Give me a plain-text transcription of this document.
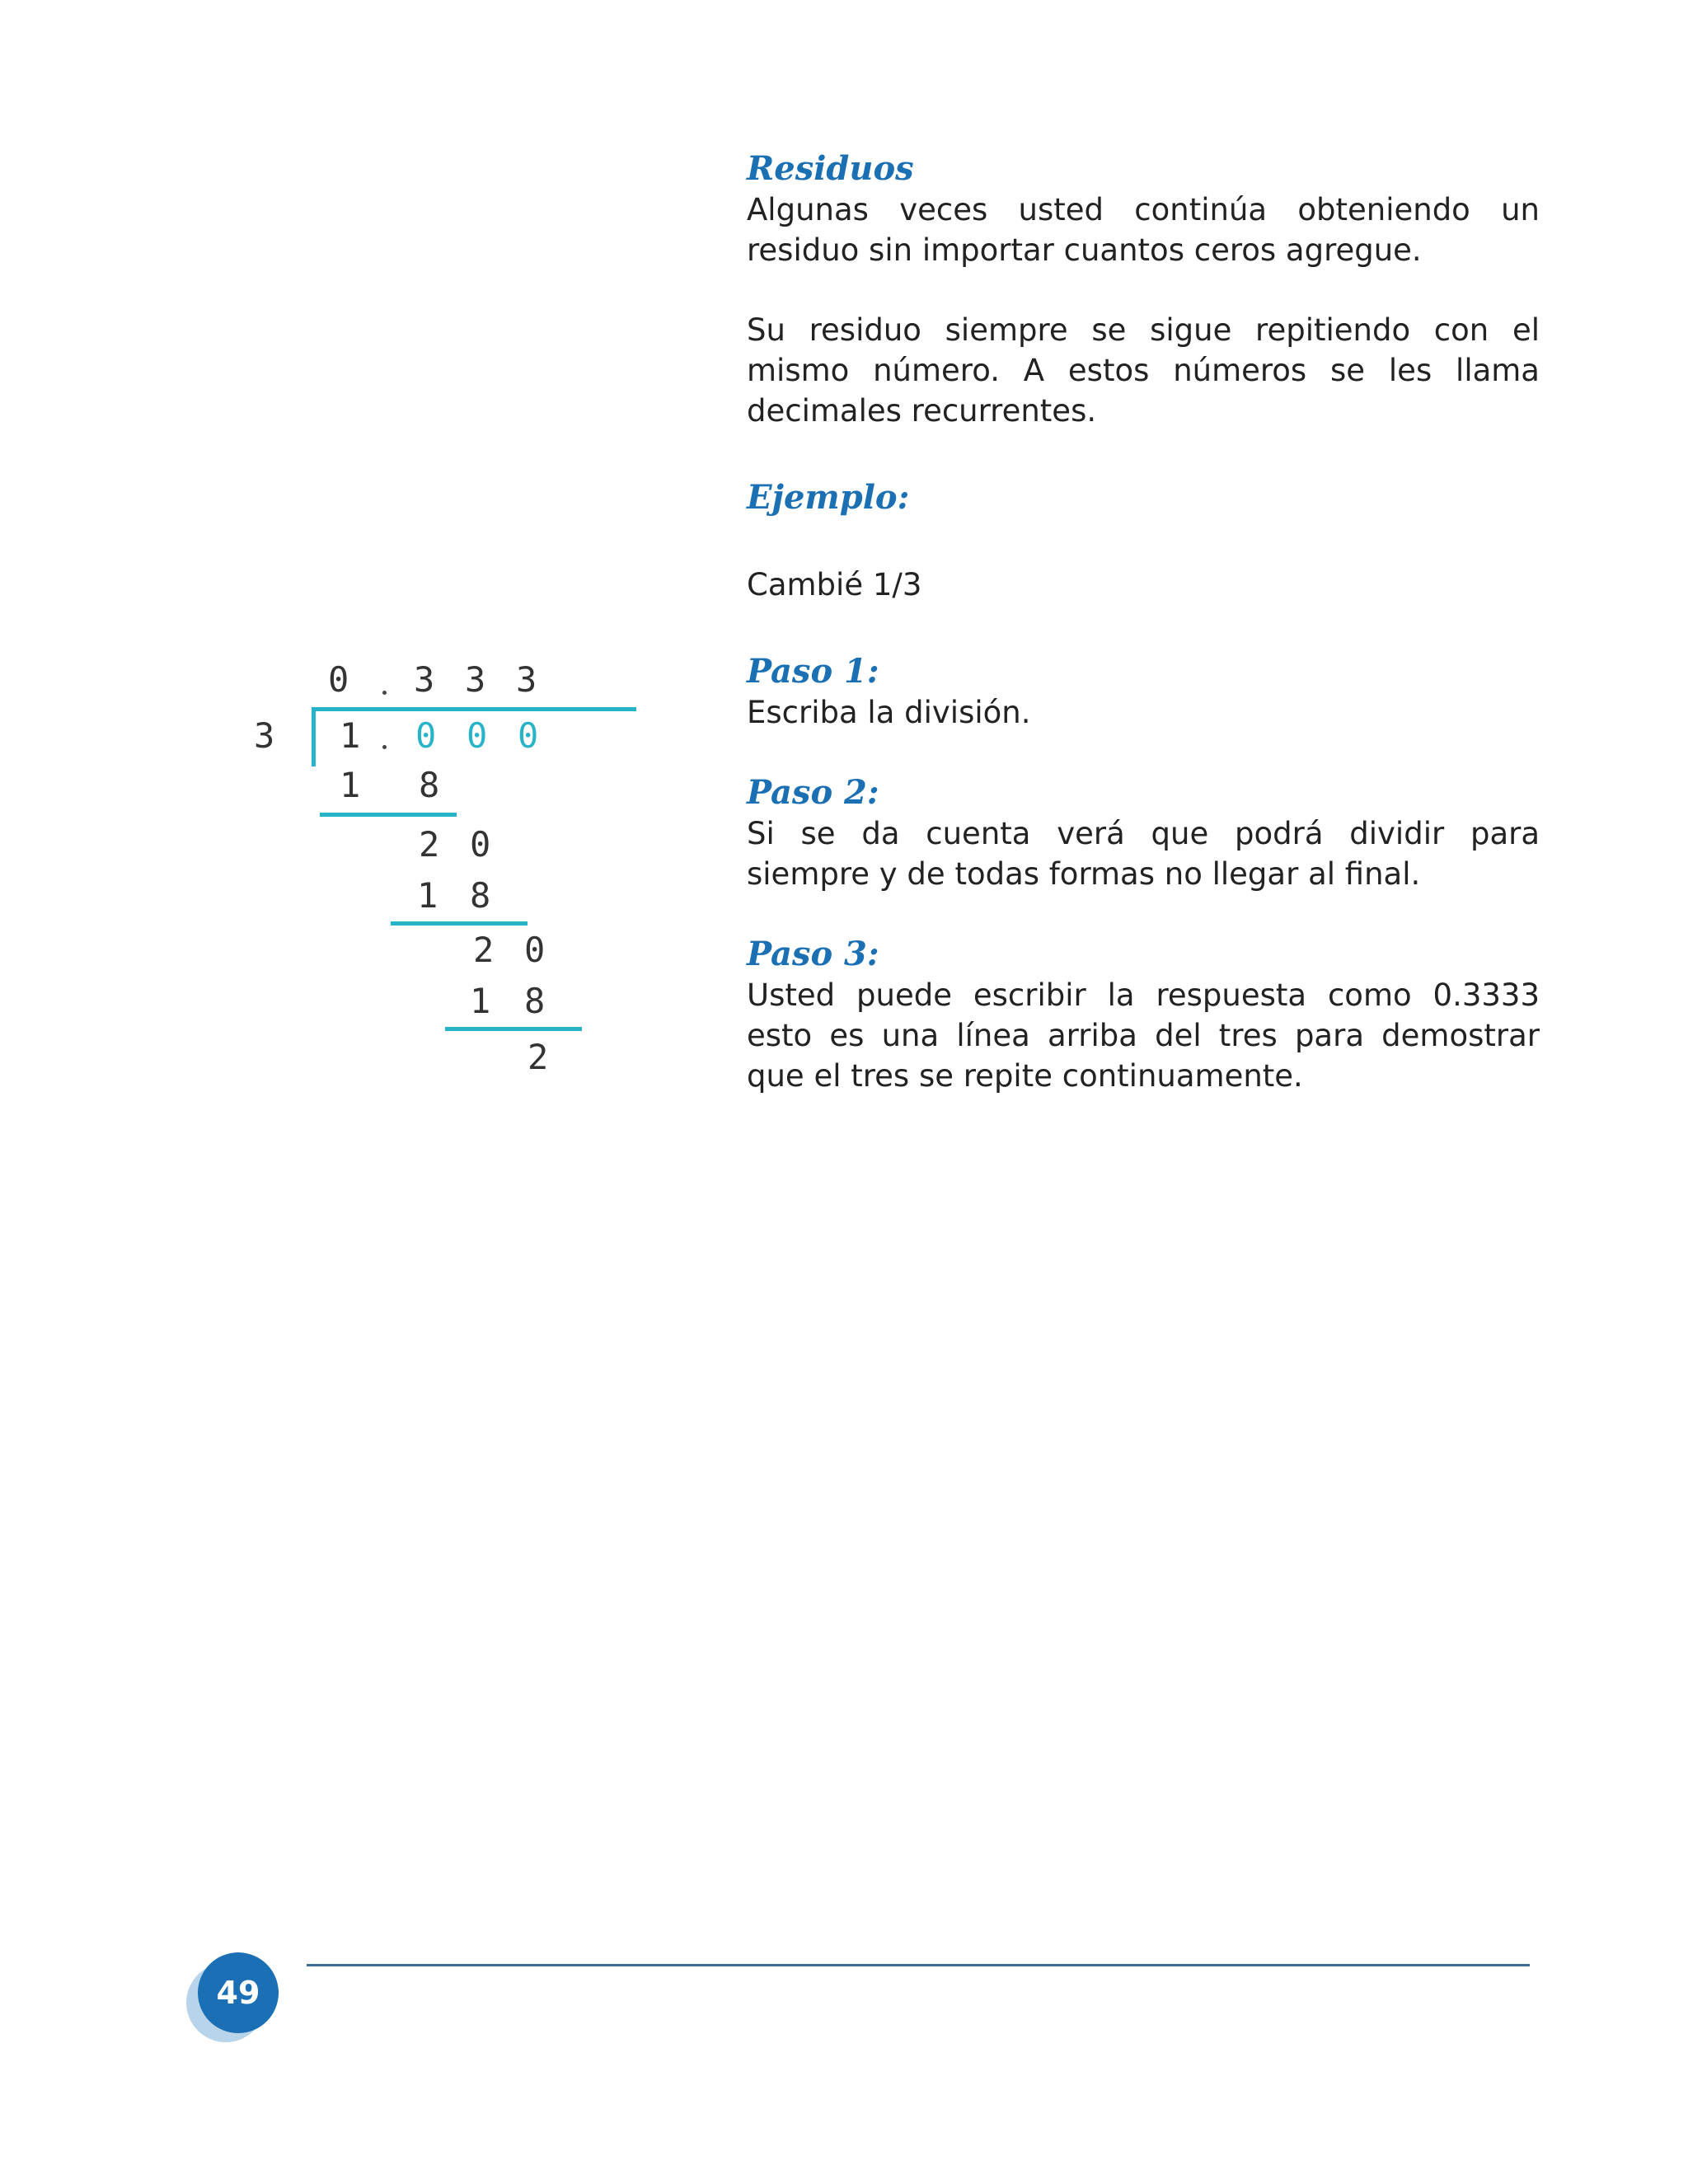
0 3 3 3
3 1 0 0 0
1 8
2 0
1 8
2 0
1 8
2
Residuos

Algunas veces usted continúa obteniendo un residuo sin importar cuantos ceros agregue.

Su residuo siempre se sigue repitiendo con el mismo número. A estos números se les llama decimales recurrentes.

Ejemplo:

Cambié 1/3

Paso 1:

Escriba la división.

Paso 2:

Si se da cuenta verá que podrá dividir para siempre y de todas formas no llegar al final.

Paso 3:

Usted puede escribir la respuesta como 0.3333 esto es una línea arriba del tres para demostrar que el tres se repite continuamente.

49
